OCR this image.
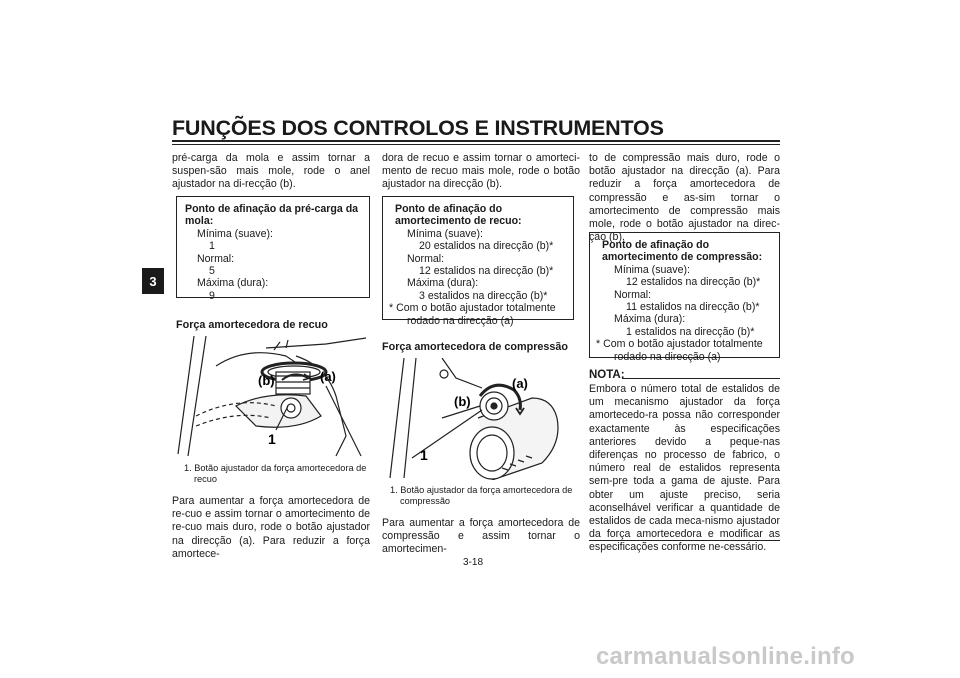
FUNÇÕES DOS CONTROLOS E INSTRUMENTOS
3

pré-carga da mola e assim tornar a suspen-são mais mole, rode o anel ajustador na di-recção (b).

Ponto de afinação da pré-carga da mola:
Mínima (suave):
1
Normal:
5
Máxima (dura):
9
Força amortecedora de recuo
(b)	(a)
1
1. Botão ajustador da força amortecedora de
recuo

Para aumentar a força amortecedora de re-cuo e assim tornar o amortecimento de re-cuo mais duro, rode o botão ajustador na direcção (a). Para reduzir a força amortece-

dora de recuo e assim tornar o amorteci-mento de recuo mais mole, rode o botão ajustador na direcção (b).

Ponto de afinação do amortecimento de recuo:
Mínima (suave):
20 estalidos na direcção (b)*
Normal:
12 estalidos na direcção (b)*
Máxima (dura):
3 estalidos na direcção (b)*
* Com o botão ajustador totalmente
rodado na direcção (a)
Força amortecedora de compressão
(b)
(a)
1
1. Botão ajustador da força amortecedora de
compressão

Para aumentar a força amortecedora de compressão e assim tornar o amortecimen-

to de compressão mais duro, rode o botão ajustador na direcção (a). Para reduzir a força amortecedora de compressão e as-sim tornar o amortecimento de compressão mais mole, rode o botão ajustador na direc-ção (b).

Ponto de afinação do amortecimento de compressão:
Mínima (suave):
12 estalidos na direcção (b)*
Normal:
11 estalidos na direcção (b)*
Máxima (dura):
1 estalidos na direcção (b)*
* Com o botão ajustador totalmente
rodado na direcção (a)
NOTA:

Embora o número total de estalidos de um mecanismo ajustador da força amortecedo-ra possa não corresponder exactamente às especificações anteriores devido a peque-nas diferenças no processo de fabrico, o número real de estalidos representa sem-pre toda a gama de ajuste. Para obter um ajuste preciso, seria aconselhável verificar a quantidade de estalidos de cada meca-nismo ajustador da força amortecedora e modificar as especificações conforme ne-cessário.

3-18
carmanualsonline.info
